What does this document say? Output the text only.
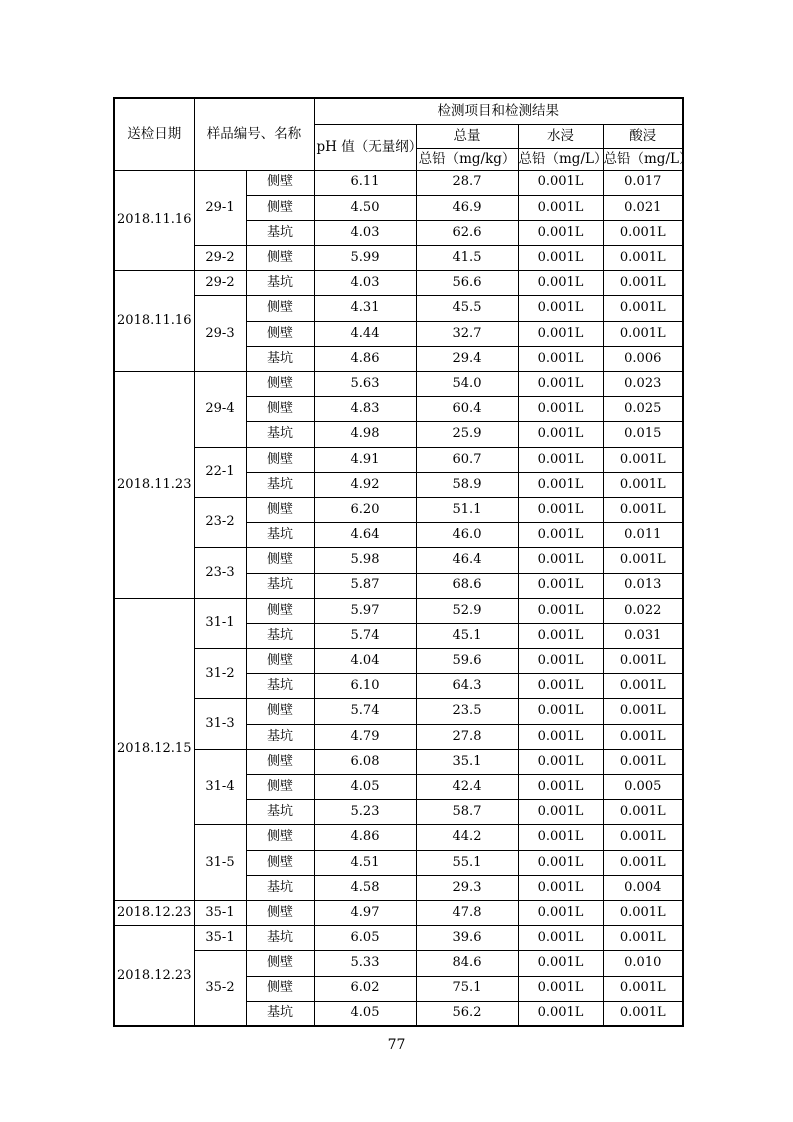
送检日期	样品编号、名称		检测项目和检测结果			
			pH 值（无量纲）	总量	水浸	酸浸
				总铅（mg/kg）	总铅（mg/L）	总铅（mg/L）
2018.11.16	29-1	侧壁	6.11	28.7	0.001L	0.017
		侧壁	4.50	46.9	0.001L	0.021
		基坑	4.03	62.6	0.001L	0.001L
	29-2	侧壁	5.99	41.5	0.001L	0.001L
2018.11.16	29-2	基坑	4.03	56.6	0.001L	0.001L
	29-3	侧壁	4.31	45.5	0.001L	0.001L
		侧壁	4.44	32.7	0.001L	0.001L
		基坑	4.86	29.4	0.001L	0.006
2018.11.23	29-4	侧壁	5.63	54.0	0.001L	0.023
		侧壁	4.83	60.4	0.001L	0.025
		基坑	4.98	25.9	0.001L	0.015
	22-1	侧壁	4.91	60.7	0.001L	0.001L
		基坑	4.92	58.9	0.001L	0.001L
	23-2	侧壁	6.20	51.1	0.001L	0.001L
		基坑	4.64	46.0	0.001L	0.011
	23-3	侧壁	5.98	46.4	0.001L	0.001L
		基坑	5.87	68.6	0.001L	0.013
2018.12.15	31-1	侧壁	5.97	52.9	0.001L	0.022
		基坑	5.74	45.1	0.001L	0.031
	31-2	侧壁	4.04	59.6	0.001L	0.001L
		基坑	6.10	64.3	0.001L	0.001L
	31-3	侧壁	5.74	23.5	0.001L	0.001L
		基坑	4.79	27.8	0.001L	0.001L
	31-4	侧壁	6.08	35.1	0.001L	0.001L
		侧壁	4.05	42.4	0.001L	0.005
		基坑	5.23	58.7	0.001L	0.001L
	31-5	侧壁	4.86	44.2	0.001L	0.001L
		侧壁	4.51	55.1	0.001L	0.001L
		基坑	4.58	29.3	0.001L	0.004
2018.12.23	35-1	侧壁	4.97	47.8	0.001L	0.001L
2018.12.23	35-1	基坑	6.05	39.6	0.001L	0.001L
	35-2	侧壁	5.33	84.6	0.001L	0.010
		侧壁	6.02	75.1	0.001L	0.001L
		基坑	4.05	56.2	0.001L	0.001L
77
